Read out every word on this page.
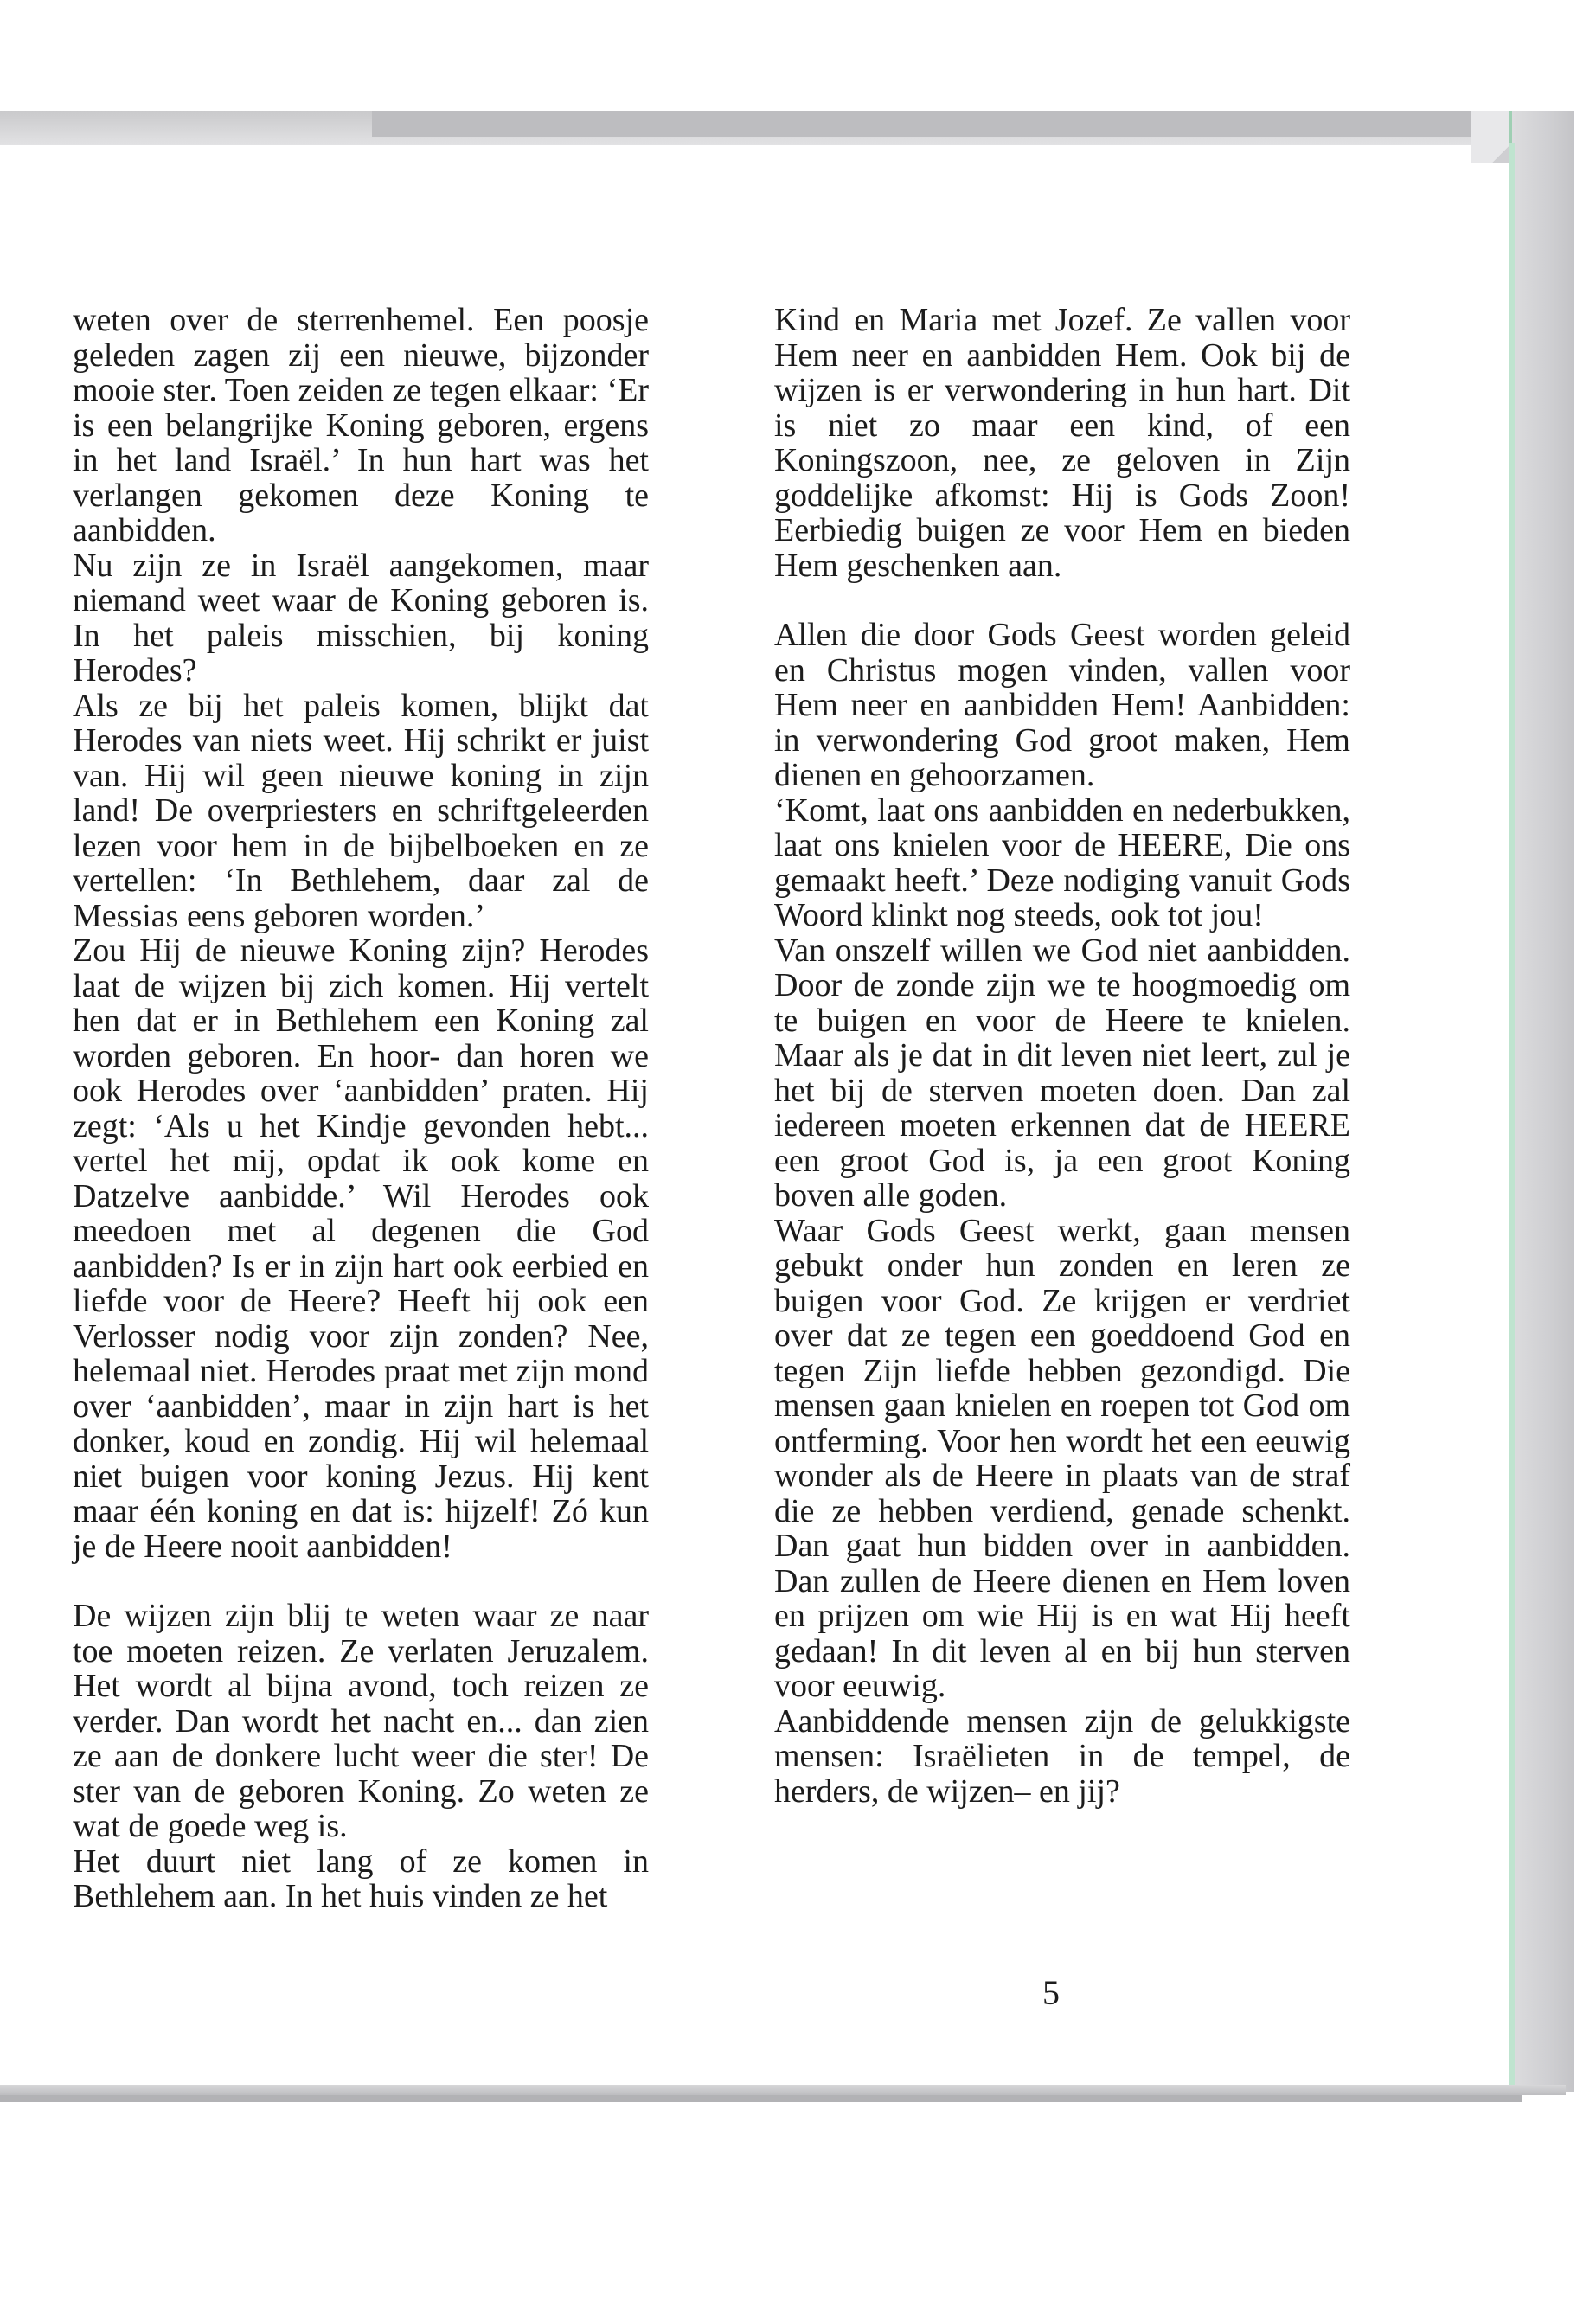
weten over de sterrenhemel. Een poosje geleden zagen zij een nieuwe, bijzonder mooie ster. Toen zeiden ze tegen elkaar: ‘Er is een belangrijke Koning geboren, ergens in het land Israël.’ In hun hart was het verlangen gekomen deze Koning te aanbidden.

Nu zijn ze in Israël aangekomen, maar niemand weet waar de Koning geboren is. In het paleis misschien, bij koning Herodes?

Als ze bij het paleis komen, blijkt dat Herodes van niets weet. Hij schrikt er juist van. Hij wil geen nieuwe koning in zijn land! De overpriesters en schriftgeleerden lezen voor hem in de bijbelboeken en ze vertellen: ‘In Bethlehem, daar zal de Messias eens geboren worden.’

Zou Hij de nieuwe Koning zijn? Herodes laat de wijzen bij zich komen. Hij vertelt hen dat er in Bethlehem een Koning zal worden geboren. En hoor- dan horen we ook Herodes over ‘aanbidden’ praten. Hij zegt: ‘Als u het Kindje gevonden hebt... vertel het mij, opdat ik ook kome en Datzelve aanbidde.’ Wil Herodes ook meedoen met al degenen die God aanbidden? Is er in zijn hart ook eerbied en liefde voor de Heere? Heeft hij ook een Verlosser nodig voor zijn zonden? Nee, helemaal niet. Herodes praat met zijn mond over ‘aanbidden’, maar in zijn hart is het donker, koud en zondig. Hij wil helemaal niet buigen voor koning Jezus. Hij kent maar één koning en dat is: hijzelf! Zó kun je de Heere nooit aanbidden!

De wijzen zijn blij te weten waar ze naar toe moeten reizen. Ze verlaten Jeruzalem. Het wordt al bijna avond, toch reizen ze verder. Dan wordt het nacht en... dan zien ze aan de donkere lucht weer die ster! De ster van de geboren Koning. Zo weten ze wat de goede weg is.

Het duurt niet lang of ze komen in Bethlehem aan. In het huis vinden ze het

Kind en Maria met Jozef. Ze vallen voor Hem neer en aanbidden Hem. Ook bij de wijzen is er verwondering in hun hart. Dit is niet zo maar een kind, of een Koningszoon, nee, ze geloven in Zijn goddelijke afkomst: Hij is Gods Zoon! Eerbiedig buigen ze voor Hem en bieden Hem geschenken aan.

Allen die door Gods Geest worden geleid en Christus mogen vinden, vallen voor Hem neer en aanbidden Hem! Aanbidden: in verwondering God groot maken, Hem dienen en gehoorzamen.

‘Komt, laat ons aanbidden en nederbukken, laat ons knielen voor de HEERE, Die ons gemaakt heeft.’ Deze nodiging vanuit Gods Woord klinkt nog steeds, ook tot jou!

Van onszelf willen we God niet aanbidden. Door de zonde zijn we te hoogmoedig om te buigen en voor de Heere te knielen. Maar als je dat in dit leven niet leert, zul je het bij de sterven moeten doen. Dan zal iedereen moeten erkennen dat de HEERE een groot God is, ja een groot Koning boven alle goden.

Waar Gods Geest werkt, gaan mensen gebukt onder hun zonden en leren ze buigen voor God. Ze krijgen er verdriet over dat ze tegen een goeddoend God en tegen Zijn liefde hebben gezondigd. Die mensen gaan knielen en roepen tot God om ontferming. Voor hen wordt het een eeuwig wonder als de Heere in plaats van de straf die ze hebben verdiend, genade schenkt. Dan gaat hun bidden over in aanbidden. Dan zullen de Heere dienen en Hem loven en prijzen om wie Hij is en wat Hij heeft gedaan! In dit leven al en bij hun sterven voor eeuwig.

Aanbiddende mensen zijn de gelukkigste mensen: Israëlieten in de tempel, de herders, de wijzen– en jij?

5
